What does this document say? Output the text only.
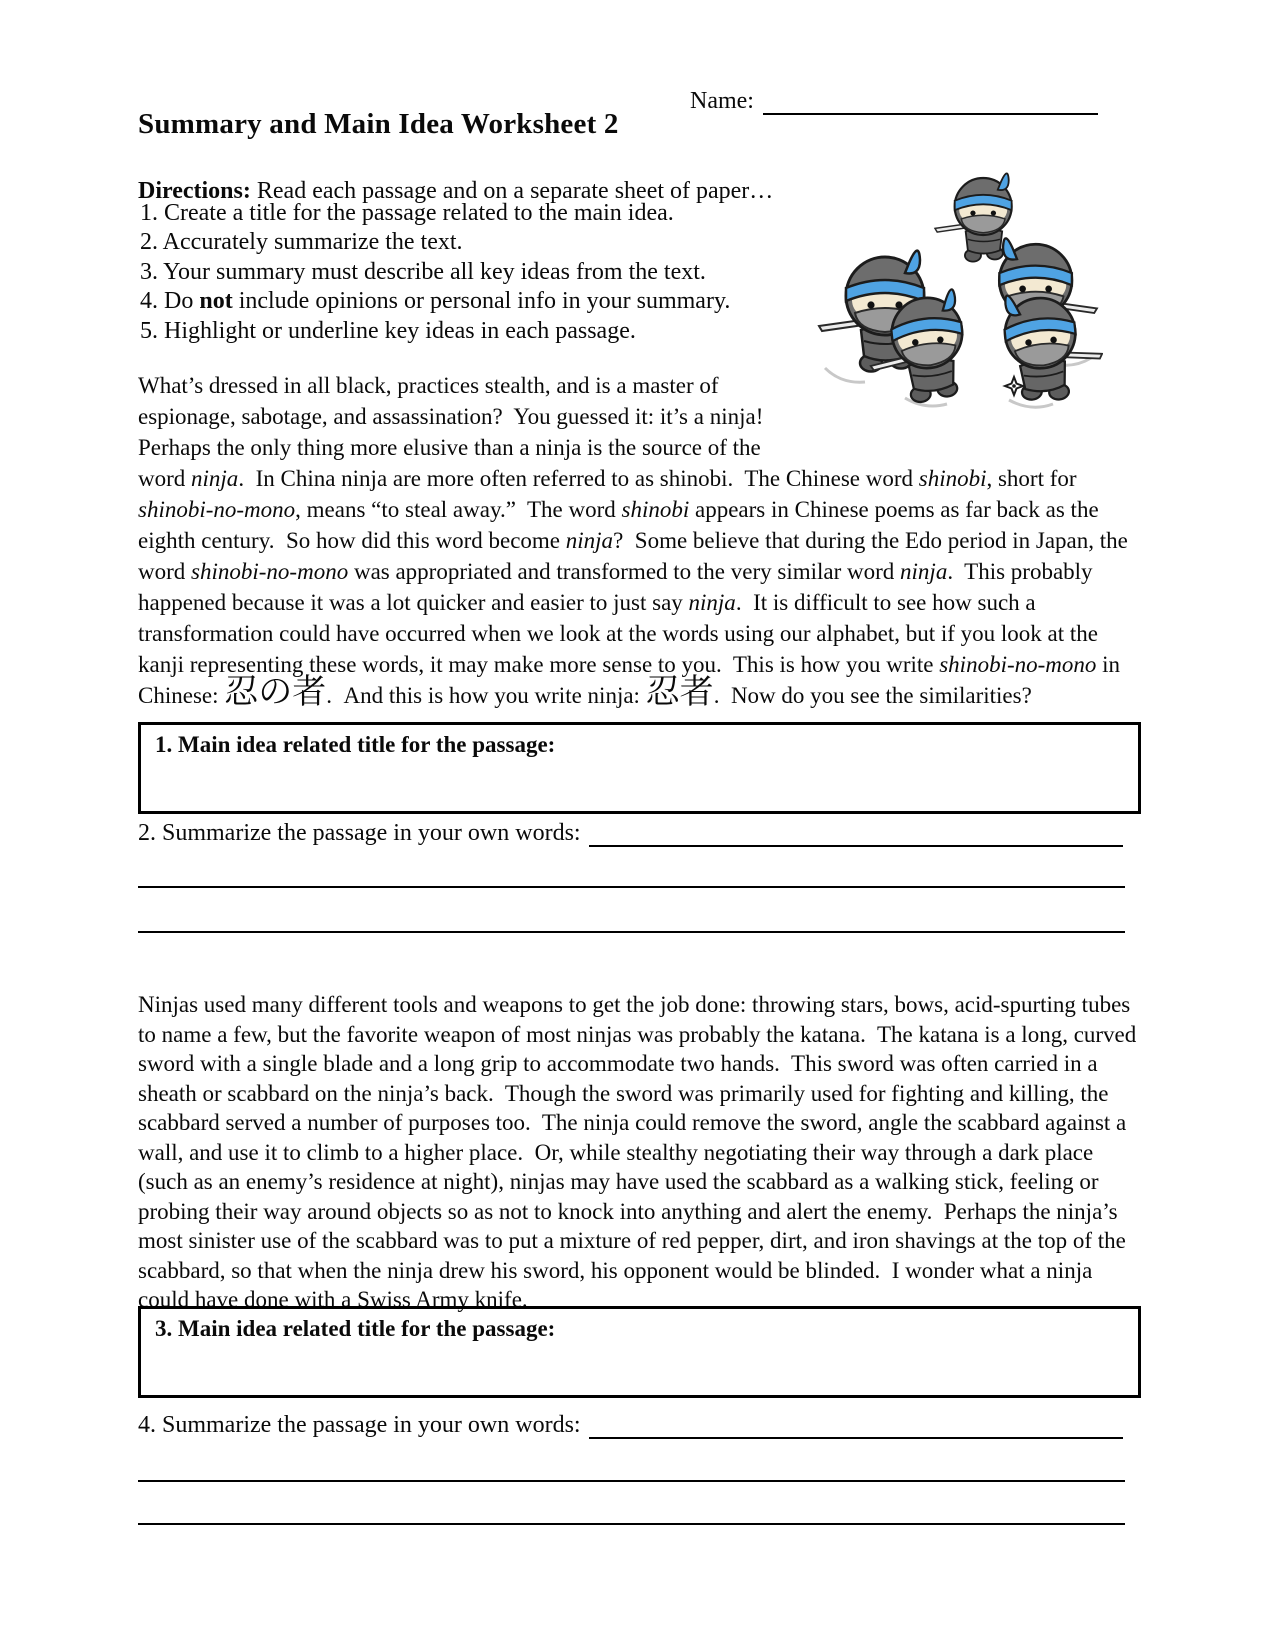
Name:
Summary and Main Idea Worksheet 2

Directions: Read each passage and on a separate sheet of paper…

1. Create a title for the passage related to the main idea.
2. Accurately summarize the text.
3. Your summary must describe all key ideas from the text.
4. Do not include opinions or personal info in your summary.
5. Highlight or underline key ideas in each passage.

What’s dressed in all black, practices stealth, and is a master of espionage, sabotage, and assassination?  You guessed it: it’s a ninja!  Perhaps the only thing more elusive than a ninja is the source of the word ninja.  In China ninja are more often referred to as shinobi.  The Chinese word shinobi, short for shinobi-no-mono, means “to steal away.”  The word shinobi appears in Chinese poems as far back as the eighth century.  So how did this word become ninja?  Some believe that during the Edo period in Japan, the word shinobi-no-mono was appropriated and transformed to the very similar word ninja.  This probably happened because it was a lot quicker and easier to just say ninja.  It is difficult to see how such a transformation could have occurred when we look at the words using our alphabet, but if you look at the kanji representing these words, it may make more sense to you.  This is how you write shinobi-no-mono in Chinese: 忍の者.  And this is how you write ninja: 忍者.  Now do you see the similarities?

1. Main idea related title for the passage:
2. Summarize the passage in your own words:

Ninjas used many different tools and weapons to get the job done: throwing stars, bows, acid-spurting tubes to name a few, but the favorite weapon of most ninjas was probably the katana.  The katana is a long, curved sword with a single blade and a long grip to accommodate two hands.  This sword was often carried in a sheath or scabbard on the ninja’s back.  Though the sword was primarily used for fighting and killing, the scabbard served a number of purposes too.  The ninja could remove the sword, angle the scabbard against a wall, and use it to climb to a higher place.  Or, while stealthy negotiating their way through a dark place (such as an enemy’s residence at night), ninjas may have used the scabbard as a walking stick, feeling or probing their way around objects so as not to knock into anything and alert the enemy.  Perhaps the ninja’s most sinister use of the scabbard was to put a mixture of red pepper, dirt, and iron shavings at the top of the scabbard, so that when the ninja drew his sword, his opponent would be blinded.  I wonder what a ninja could have done with a Swiss Army knife.

3. Main idea related title for the passage:
4. Summarize the passage in your own words:
